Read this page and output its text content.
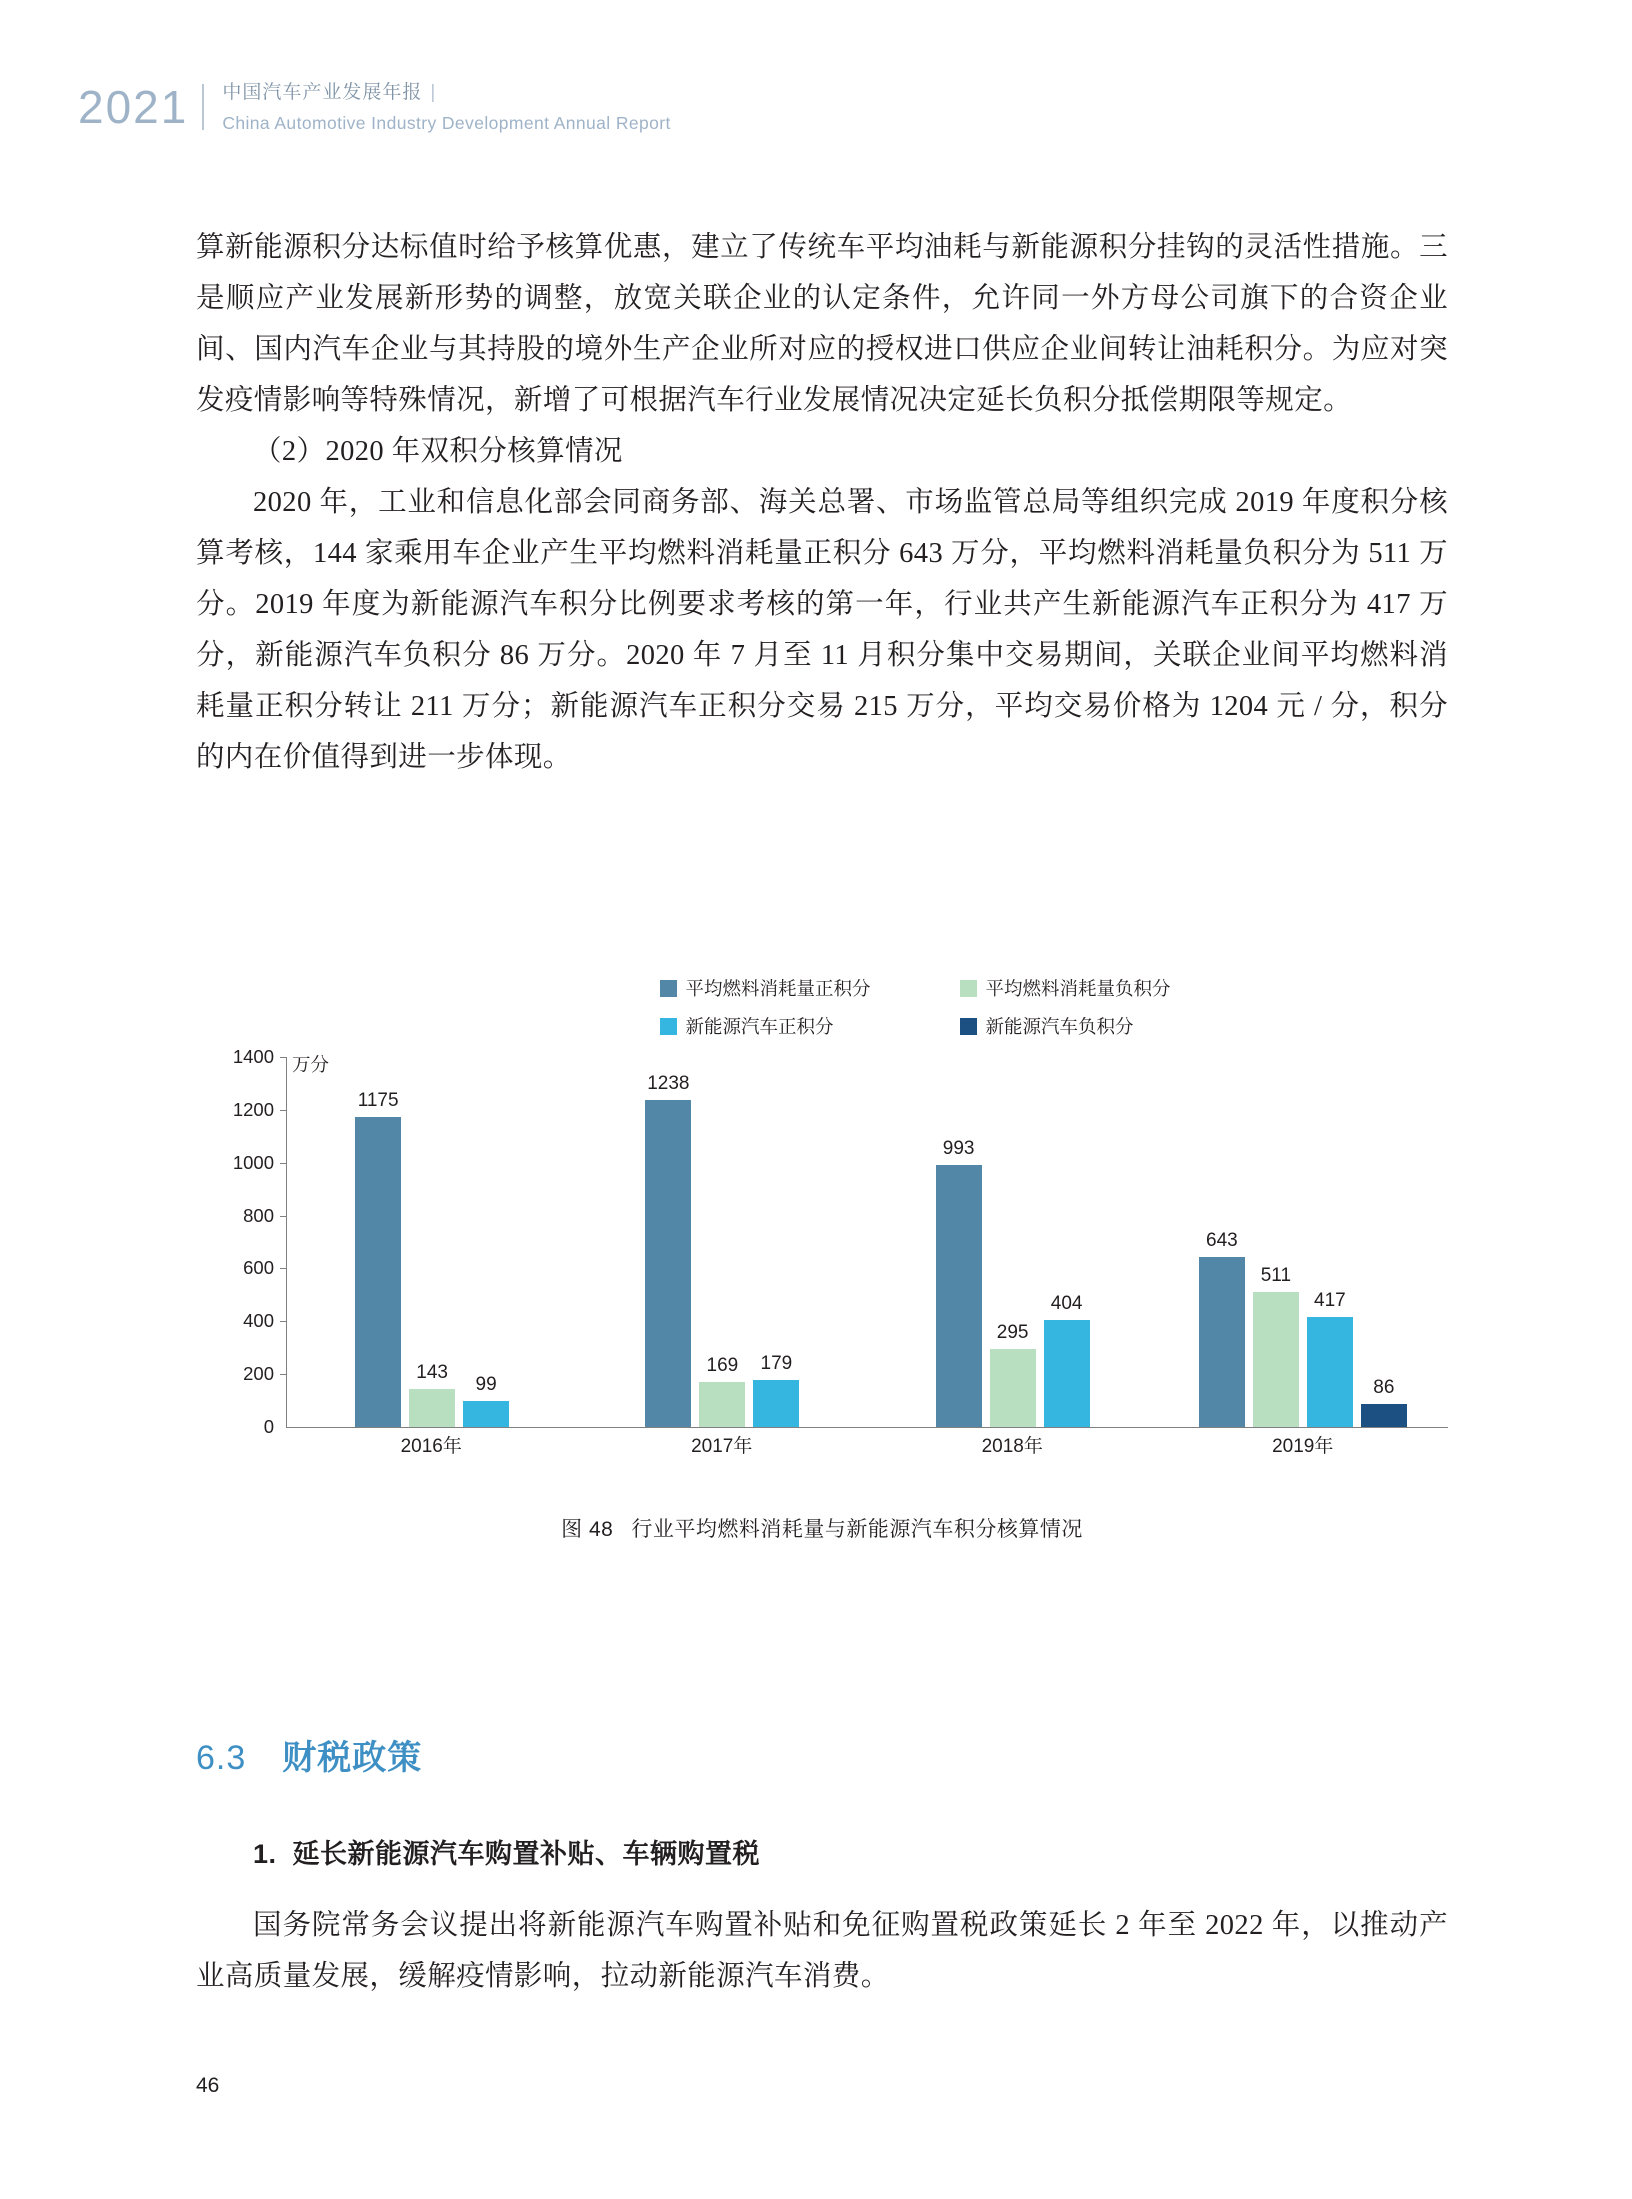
2021	中国汽车产业发展年报 |
China Automotive Industry Development Annual Report

算新能源积分达标值时给予核算优惠，建立了传统车平均油耗与新能源积分挂钩的灵活性措施。三是顺应产业发展新形势的调整，放宽关联企业的认定条件，允许同一外方母公司旗下的合资企业间、国内汽车企业与其持股的境外生产企业所对应的授权进口供应企业间转让油耗积分。为应对突发疫情影响等特殊情况，新增了可根据汽车行业发展情况决定延长负积分抵偿期限等规定。

（2）2020 年双积分核算情况

2020 年，工业和信息化部会同商务部、海关总署、市场监管总局等组织完成 2019 年度积分核算考核，144 家乘用车企业产生平均燃料消耗量正积分 643 万分，平均燃料消耗量负积分为 511 万分。2019 年度为新能源汽车积分比例要求考核的第一年，行业共产生新能源汽车正积分为 417 万分，新能源汽车负积分 86 万分。2020 年 7 月至 11 月积分集中交易期间，关联企业间平均燃料消耗量正积分转让 211 万分；新能源汽车正积分交易 215 万分，平均交易价格为 1204 元 / 分，积分的内在价值得到进一步体现。

平均燃料消耗量正积分	平均燃料消耗量负积分
新能源汽车正积分	新能源汽车负积分
万分
0
200
400
600
800
1000
1200
1400
1175
143
99
1238
169 179
993
295
404
643
511
417
86
2016年	2017年	2018年	2019年
图 48 行业平均燃料消耗量与新能源汽车积分核算情况
6.3 财税政策
1. 延长新能源汽车购置补贴、车辆购置税

国务院常务会议提出将新能源汽车购置补贴和免征购置税政策延长 2 年至 2022 年，以推动产业高质量发展，缓解疫情影响，拉动新能源汽车消费。

46
